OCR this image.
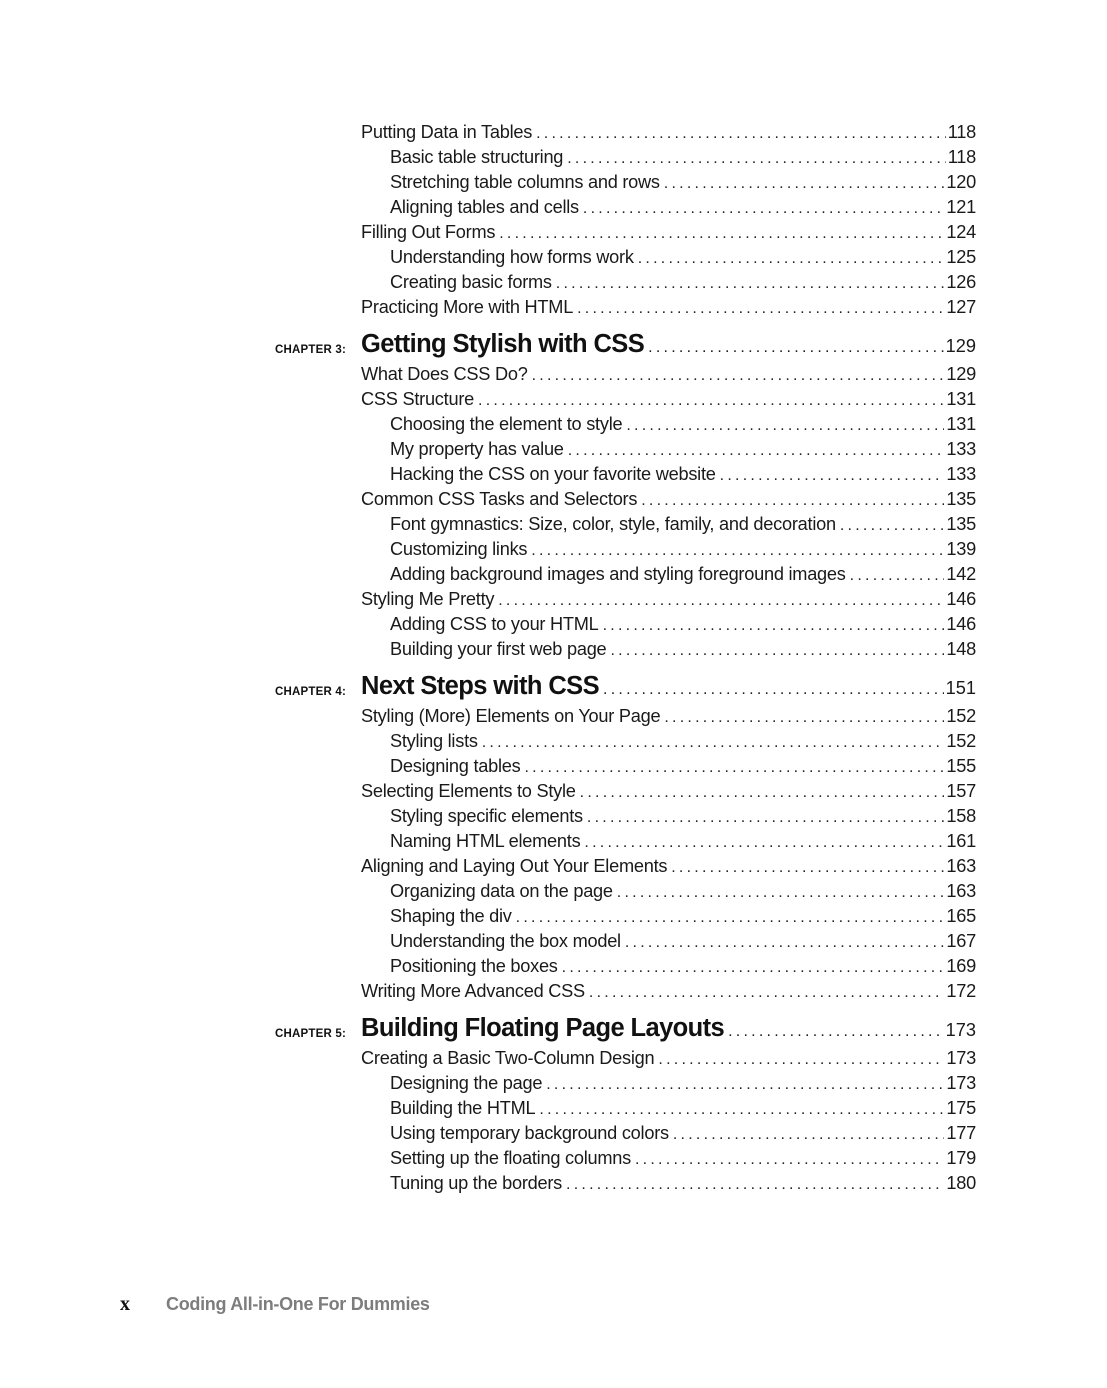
Putting Data in Tables . . .	118
Basic table structuring . . .	118
Stretching table columns and rows . . .	120
Aligning tables and cells . . .	121
Filling Out Forms . . .	124
Understanding how forms work . . .	125
Creating basic forms . . .	126
Practicing More with HTML . . .	127
CHAPTER 3: Getting Stylish with CSS . . .	129
What Does CSS Do? . . .	129
CSS Structure . . .	131
Choosing the element to style . . .	131
My property has value . . .	133
Hacking the CSS on your favorite website . . .	133
Common CSS Tasks and Selectors . . .	135
Font gymnastics: Size, color, style, family, and decoration . . .	135
Customizing links . . .	139
Adding background images and styling foreground images . . .	142
Styling Me Pretty . . .	146
Adding CSS to your HTML . . .	146
Building your first web page . . .	148
CHAPTER 4: Next Steps with CSS . . .	151
Styling (More) Elements on Your Page . . .	152
Styling lists . . .	152
Designing tables . . .	155
Selecting Elements to Style . . .	157
Styling specific elements . . .	158
Naming HTML elements . . .	161
Aligning and Laying Out Your Elements . . .	163
Organizing data on the page . . .	163
Shaping the div . . .	165
Understanding the box model . . .	167
Positioning the boxes . . .	169
Writing More Advanced CSS . . .	172
CHAPTER 5: Building Floating Page Layouts . . .	173
Creating a Basic Two-Column Design . . .	173
Designing the page . . .	173
Building the HTML . . .	175
Using temporary background colors . . .	177
Setting up the floating columns . . .	179
Tuning up the borders . . .	180
x	Coding All-in-One For Dummies
